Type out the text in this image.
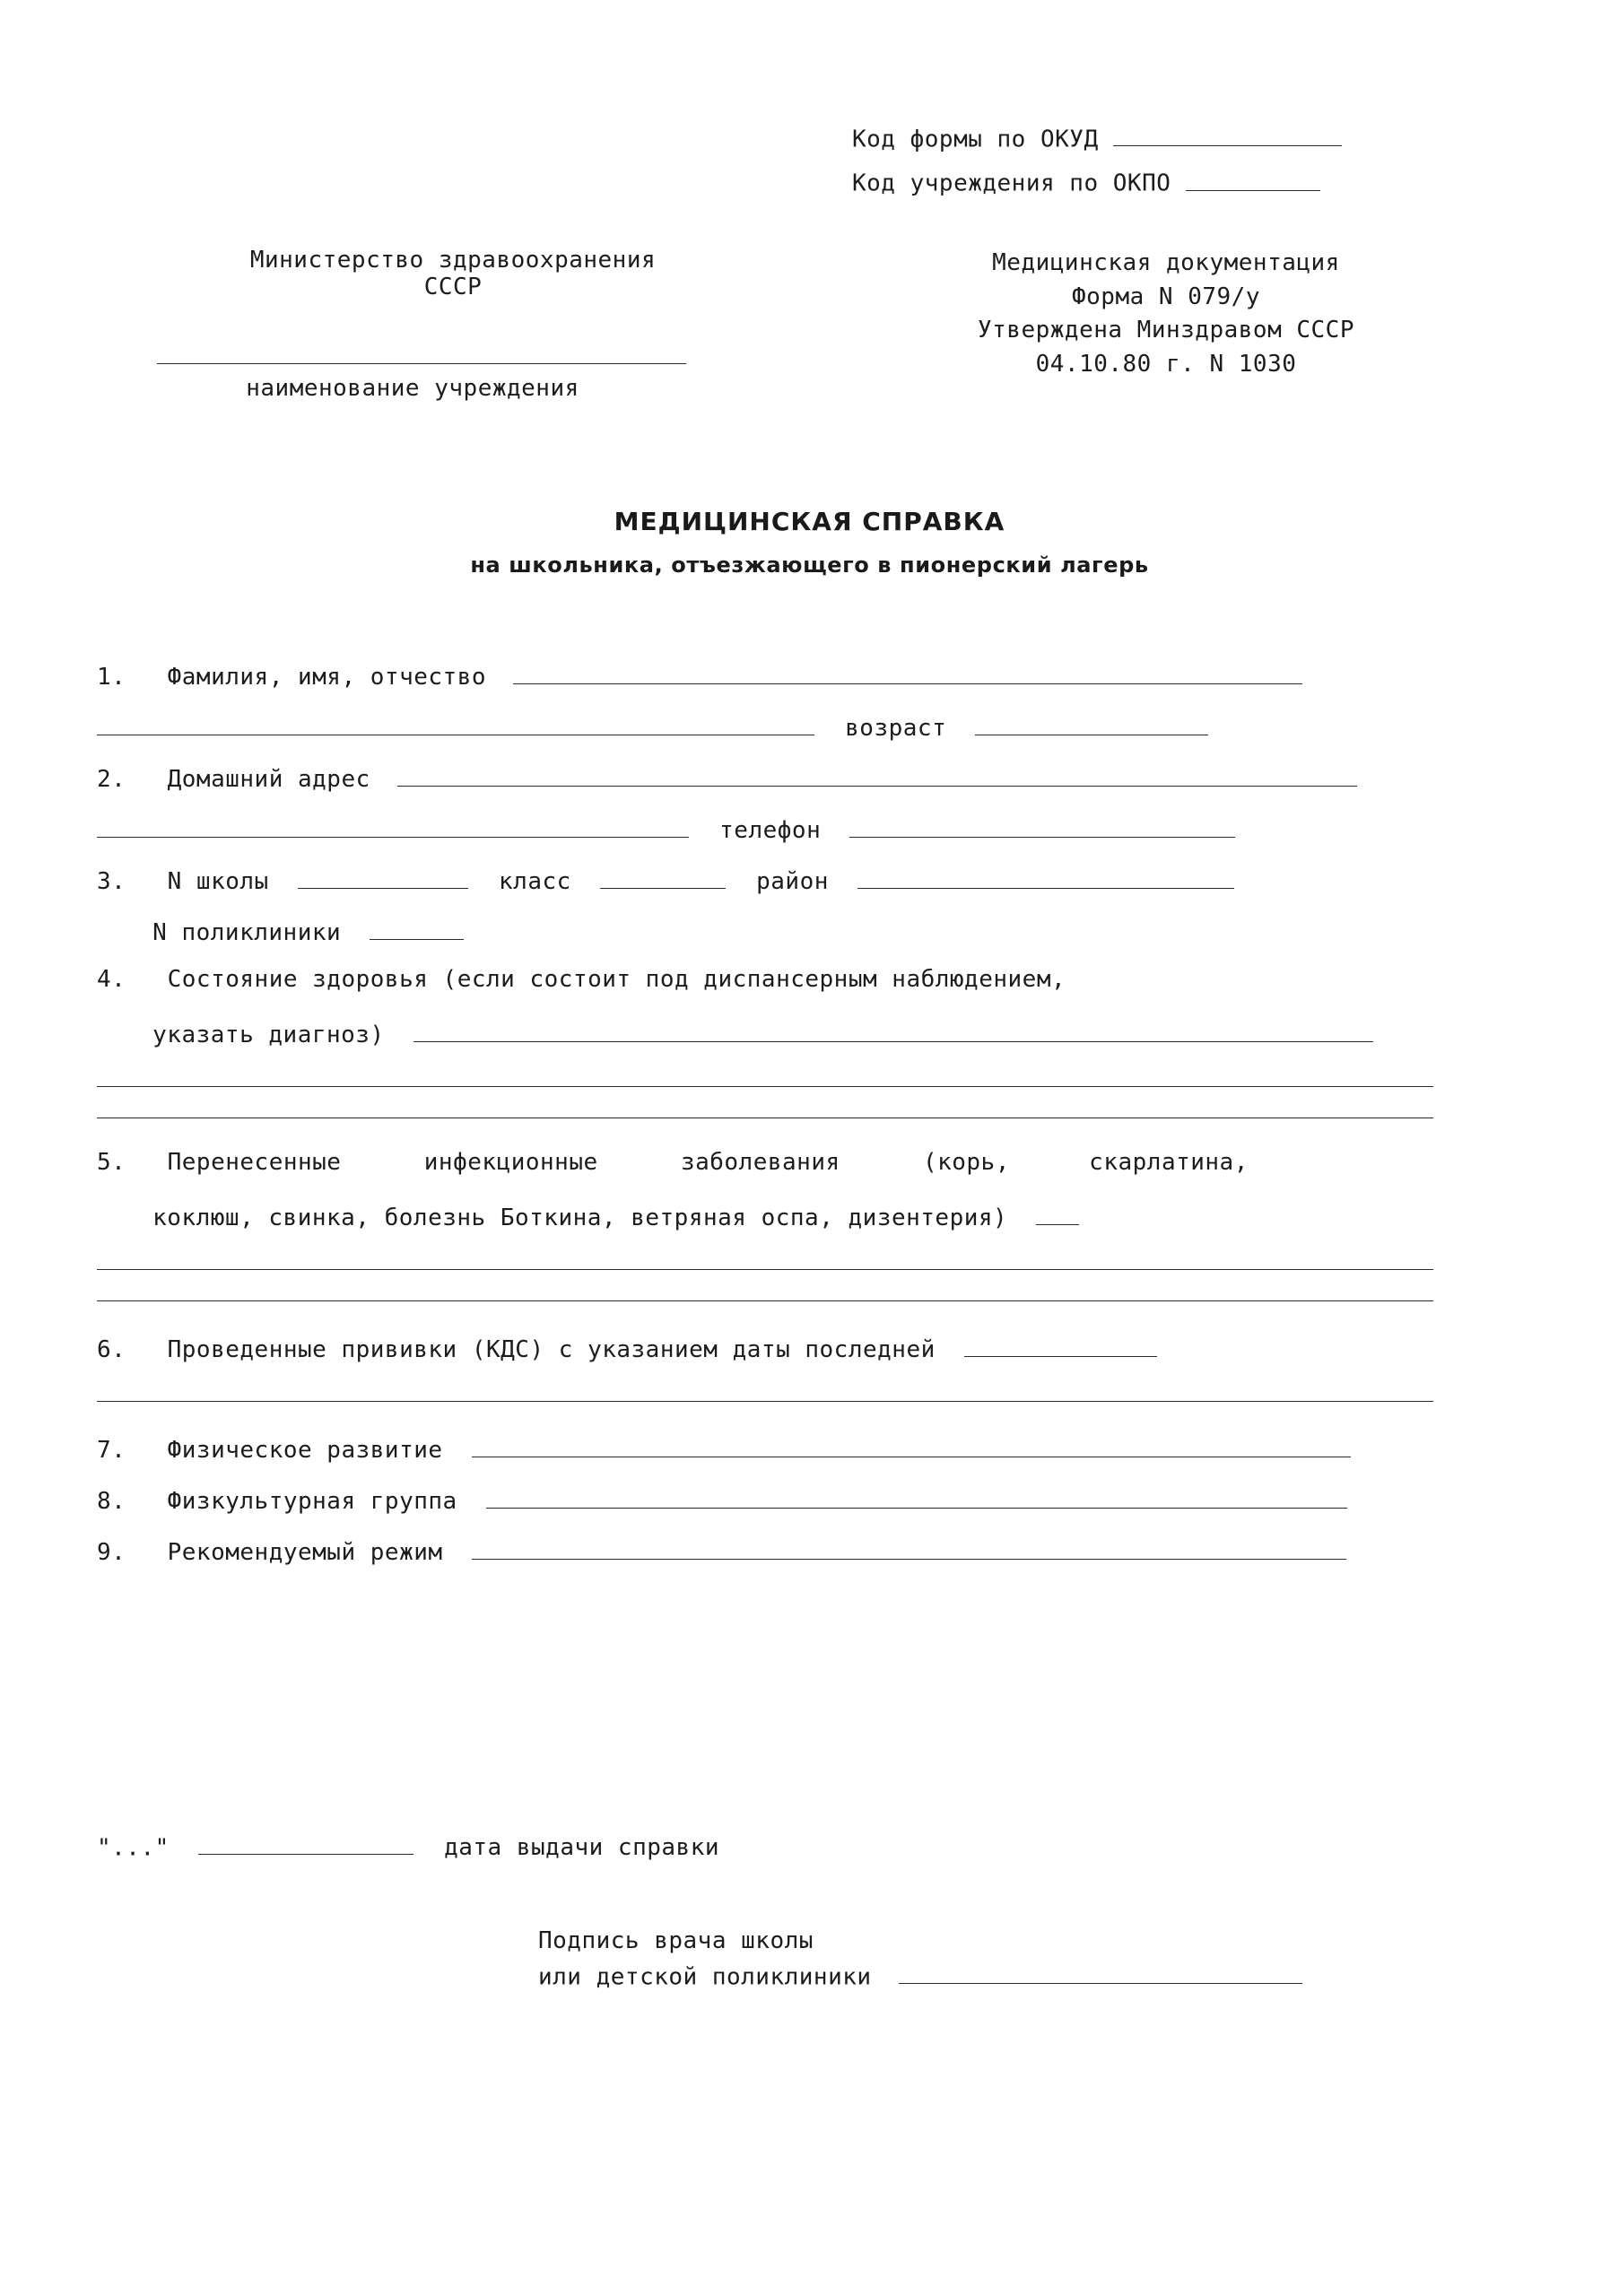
Код формы по ОКУД
Код учреждения по ОКПО
Министерство здравоохранения
СССР
наименование учреждения
Медицинская документация
Форма N 079/у
Утверждена Минздравом СССР
04.10.80 г. N 1030
МЕДИЦИНСКАЯ СПРАВКА
на школьника, отъезжающего в пионерский лагерь
1. Фамилия, имя, отчество
возраст
2. Домашний адрес
телефон
3. N школы	класс	район
N поликлиники
4. Состояние здоровья (если состоит под диспансерным наблюдением,
указать диагноз)
5. Перенесенные	инфекционные	заболевания	(корь,	скарлатина,
коклюш, свинка, болезнь Боткина, ветряная оспа, дизентерия)
6. Проведенные прививки (КДС) с указанием даты последней
7. Физическое развитие
8. Физкультурная группа
9. Рекомендуемый режим
"..."	дата выдачи справки
Подпись врача школы
или детской поликлиники
